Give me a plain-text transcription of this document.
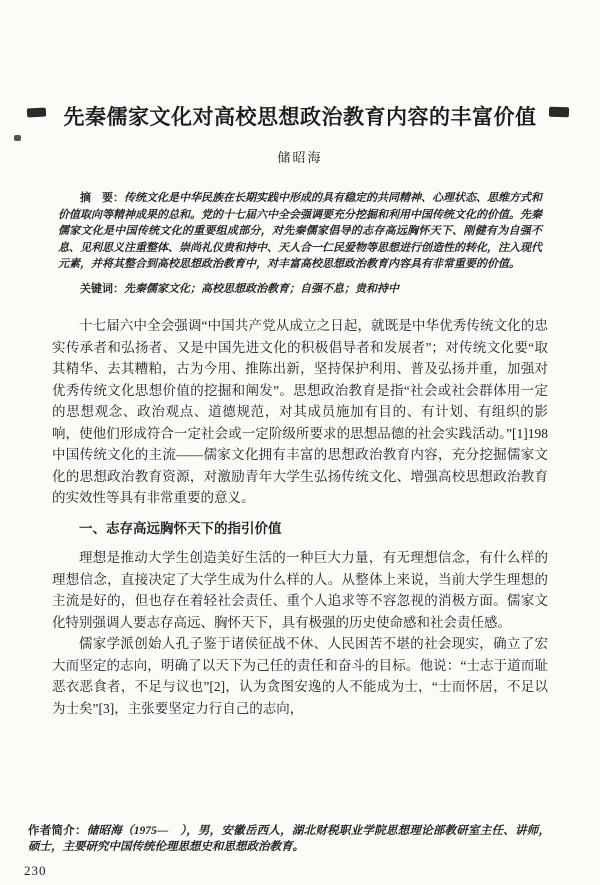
先秦儒家文化对高校思想政治教育内容的丰富价值
储昭海
摘　要：传统文化是中华民族在长期实践中形成的具有稳定的共同精神、心理状态、思维方式和价值取向等精神成果的总和。党的十七届六中全会强调要充分挖掘和利用中国传统文化的价值。先秦儒家文化是中国传统文化的重要组成部分，对先秦儒家倡导的志存高远胸怀天下、刚健有为自强不息、见利思义注重整体、崇尚礼仪贵和持中、天人合一仁民爱物等思想进行创造性的转化，注入现代元素，并将其整合到高校思想政治教育中，对丰富高校思想政治教育内容具有非常重要的价值。
关键词：先秦儒家文化；高校思想政治教育；自强不息；贵和持中

十七届六中全会强调“中国共产党从成立之日起，就既是中华优秀传统文化的忠实传承者和弘扬者、又是中国先进文化的积极倡导者和发展者”；对传统文化要“取其精华、去其糟粕，古为今用、推陈出新，坚持保护利用、普及弘扬并重，加强对优秀传统文化思想价值的挖掘和阐发”。思想政治教育是指“社会或社会群体用一定的思想观念、政治观点、道德规范，对其成员施加有目的、有计划、有组织的影响，使他们形成符合一定社会或一定阶级所要求的思想品德的社会实践活动。”[1]198中国传统文化的主流——儒家文化拥有丰富的思想政治教育内容，充分挖掘儒家文化的思想政治教育资源，对激励青年大学生弘扬传统文化、增强高校思想政治教育的实效性等具有非常重要的意义。

一、志存高远胸怀天下的指引价值

理想是推动大学生创造美好生活的一种巨大力量，有无理想信念，有什么样的理想信念，直接决定了大学生成为什么样的人。从整体上来说，当前大学生理想的主流是好的，但也存在着轻社会责任、重个人追求等不容忽视的消极方面。儒家文化特别强调人要志存高远、胸怀天下，具有极强的历史使命感和社会责任感。

儒家学派创始人孔子鉴于诸侯征战不休、人民困苦不堪的社会现实，确立了宏大而坚定的志向，明确了以天下为己任的责任和奋斗的目标。他说：“士志于道而耻恶衣恶食者，不足与议也”[2]，认为贪图安逸的人不能成为士，“士而怀居，不足以为士矣”[3]，主张要坚定力行自己的志向，

作者简介：储昭海（1975—　），男，安徽岳西人，湖北财税职业学院思想理论部教研室主任、讲师，硕士，主要研究中国传统伦理思想史和思想政治教育。
230
